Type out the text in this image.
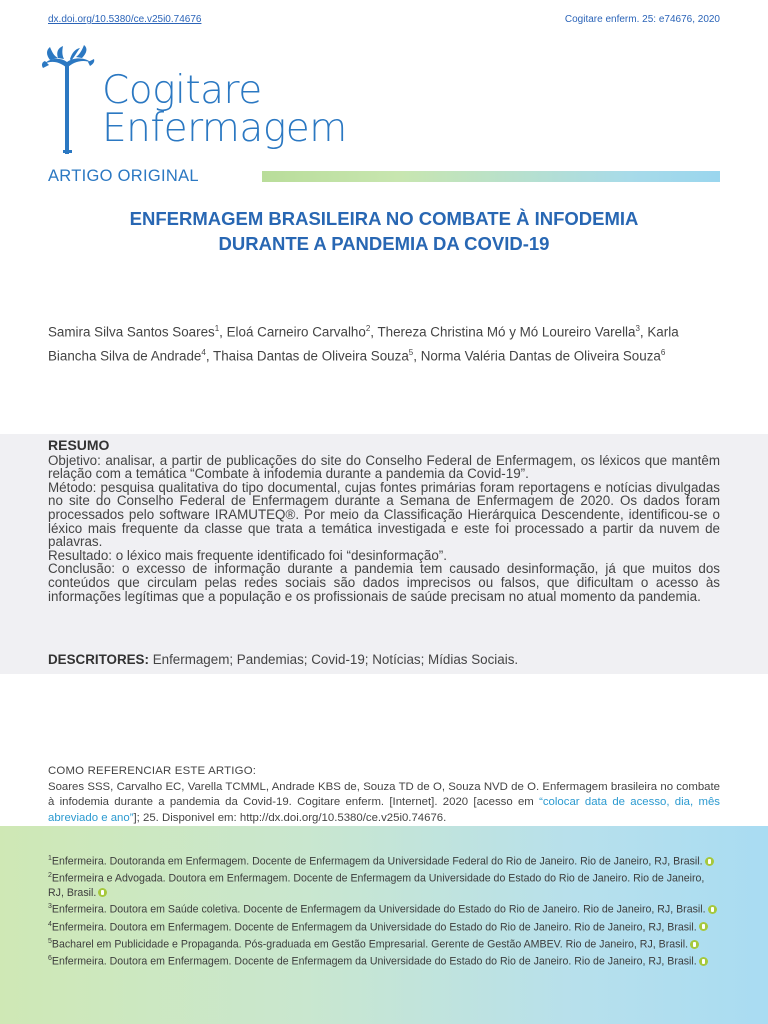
dx.doi.org/10.5380/ce.v25i0.74676	Cogitare enferm. 25: e74676, 2020
Cogitare
Enfermagem
ARTIGO ORIGINAL
ENFERMAGEM BRASILEIRA NO COMBATE À INFODEMIA
DURANTE A PANDEMIA DA COVID-19
Samira Silva Santos Soares$^1$, Eloá Carneiro Carvalho$^2$, Thereza Christina Mó y Mó Loureiro Varella$^3$, Karla Biancha Silva de Andrade$^4$, Thaisa Dantas de Oliveira Souza$^5$, Norma Valéria Dantas de Oliveira Souza$^6$
RESUMO

Objetivo: analisar, a partir de publicações do site do Conselho Federal de Enfermagem, os léxicos que mantêm relação com a temática “Combate à infodemia durante a pandemia da Covid-19”.

Método: pesquisa qualitativa do tipo documental, cujas fontes primárias foram reportagens e notícias divulgadas no site do Conselho Federal de Enfermagem durante a Semana de Enfermagem de 2020. Os dados foram processados pelo software IRAMUTEQ®. Por meio da Classificação Hierárquica Descendente, identificou-se o léxico mais frequente da classe que trata a temática investigada e este foi processado a partir da nuvem de palavras.

Resultado: o léxico mais frequente identificado foi “desinformação”.

Conclusão: o excesso de informação durante a pandemia tem causado desinformação, já que muitos dos conteúdos que circulam pelas redes sociais são dados imprecisos ou falsos, que dificultam o acesso às informações legítimas que a população e os profissionais de saúde precisam no atual momento da pandemia.

DESCRITORES: Enfermagem; Pandemias; Covid-19; Notícias; Mídias Sociais.
COMO REFERENCIAR ESTE ARTIGO:
Soares SSS, Carvalho EC, Varella TCMML, Andrade KBS de, Souza TD de O, Souza NVD de O. Enfermagem brasileira no combate à infodemia durante a pandemia da Covid-19. Cogitare enferm. [Internet]. 2020 [acesso em “colocar data de acesso, dia, mês abreviado e ano”]; 25. Disponivel em: http://dx.doi.org/10.5380/ce.v25i0.74676.

$^1$Enfermeira. Doutoranda em Enfermagem. Docente de Enfermagem da Universidade Federal do Rio de Janeiro. Rio de Janeiro, RJ, Brasil.

$^2$Enfermeira e Advogada. Doutora em Enfermagem. Docente de Enfermagem da Universidade do Estado do Rio de Janeiro. Rio de Janeiro, RJ, Brasil.

$^3$Enfermeira. Doutora em Saúde coletiva. Docente de Enfermagem da Universidade do Estado do Rio de Janeiro. Rio de Janeiro, RJ, Brasil.

$^4$Enfermeira. Doutora em Enfermagem. Docente de Enfermagem da Universidade do Estado do Rio de Janeiro. Rio de Janeiro, RJ, Brasil.

$^5$Bacharel em Publicidade e Propaganda. Pós-graduada em Gestão Empresarial. Gerente de Gestão AMBEV. Rio de Janeiro, RJ, Brasil.

$^6$Enfermeira. Doutora em Enfermagem. Docente de Enfermagem da Universidade do Estado do Rio de Janeiro. Rio de Janeiro, RJ, Brasil.
